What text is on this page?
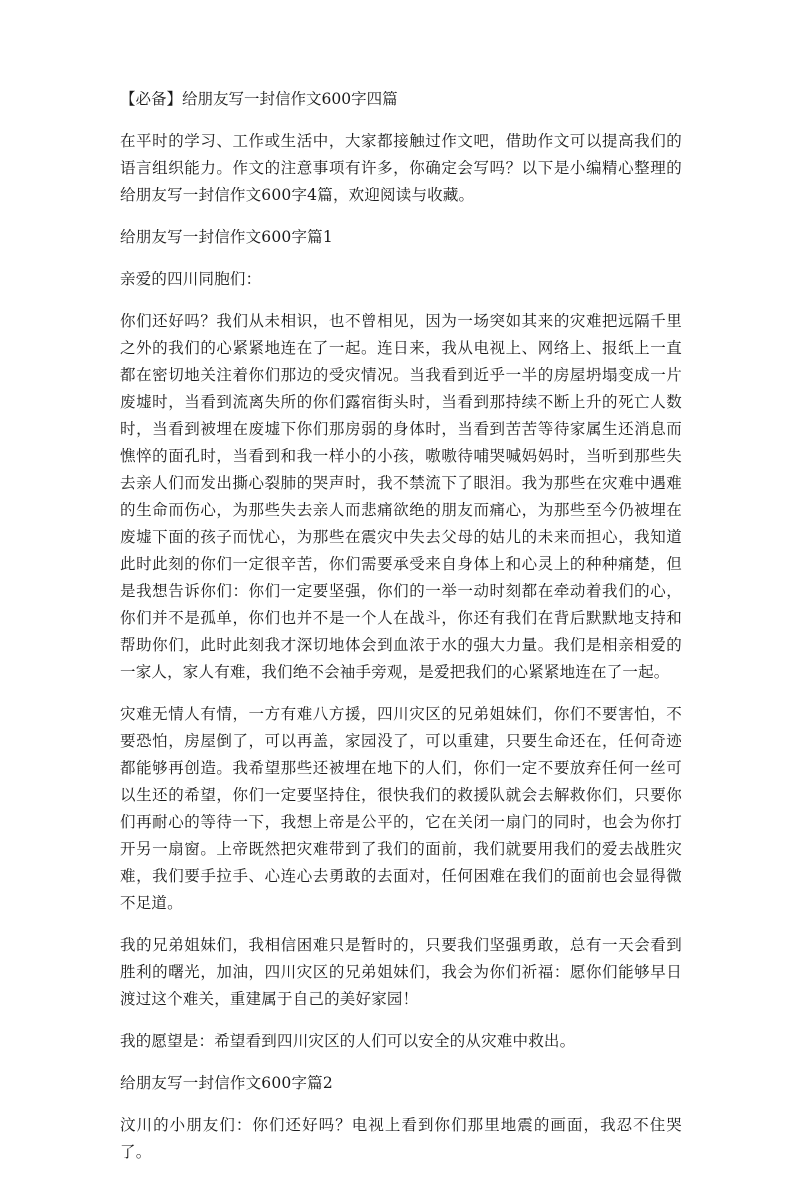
【必备】给朋友写一封信作文600字四篇

在平时的学习、工作或生活中，大家都接触过作文吧，借助作文可以提高我们的语言组织能力。作文的注意事项有许多，你确定会写吗？以下是小编精心整理的给朋友写一封信作文600字4篇，欢迎阅读与收藏。

给朋友写一封信作文600字篇1

亲爱的四川同胞们：

你们还好吗？我们从未相识，也不曾相见，因为一场突如其来的灾难把远隔千里之外的我们的心紧紧地连在了一起。连日来，我从电视上、网络上、报纸上一直都在密切地关注着你们那边的受灾情况。当我看到近乎一半的房屋坍塌变成一片废墟时，当看到流离失所的你们露宿街头时，当看到那持续不断上升的死亡人数时，当看到被埋在废墟下你们那房弱的身体时，当看到苦苦等待家属生还消息而憔悴的面孔时，当看到和我一样小的小孩，嗷嗷待哺哭喊妈妈时，当听到那些失去亲人们而发出撕心裂肺的哭声时，我不禁流下了眼泪。我为那些在灾难中遇难的生命而伤心，为那些失去亲人而悲痛欲绝的朋友而痛心，为那些至今仍被埋在废墟下面的孩子而忧心，为那些在震灾中失去父母的姑儿的未来而担心，我知道此时此刻的你们一定很辛苦，你们需要承受来自身体上和心灵上的种种痛楚，但是我想告诉你们：你们一定要坚强，你们的一举一动时刻都在牵动着我们的心，你们并不是孤单，你们也并不是一个人在战斗，你还有我们在背后默默地支持和帮助你们，此时此刻我才深切地体会到血浓于水的强大力量。我们是相亲相爱的一家人，家人有难，我们绝不会袖手旁观，是爱把我们的心紧紧地连在了一起。

灾难无情人有情，一方有难八方援，四川灾区的兄弟姐妹们，你们不要害怕，不要恐怕，房屋倒了，可以再盖，家园没了，可以重建，只要生命还在，任何奇迹都能够再创造。我希望那些还被埋在地下的人们，你们一定不要放弃任何一丝可以生还的希望，你们一定要坚持住，很快我们的救援队就会去解救你们，只要你们再耐心的等待一下，我想上帝是公平的，它在关闭一扇门的同时，也会为你打开另一扇窗。上帝既然把灾难带到了我们的面前，我们就要用我们的爱去战胜灾难，我们要手拉手、心连心去勇敢的去面对，任何困难在我们的面前也会显得微不足道。

我的兄弟姐妹们，我相信困难只是暂时的，只要我们坚强勇敢，总有一天会看到胜利的曙光，加油，四川灾区的兄弟姐妹们，我会为你们祈福：愿你们能够早日渡过这个难关，重建属于自己的美好家园！

我的愿望是：希望看到四川灾区的人们可以安全的从灾难中救出。

给朋友写一封信作文600字篇2

汶川的小朋友们：你们还好吗？电视上看到你们那里地震的画面，我忍不住哭了。
